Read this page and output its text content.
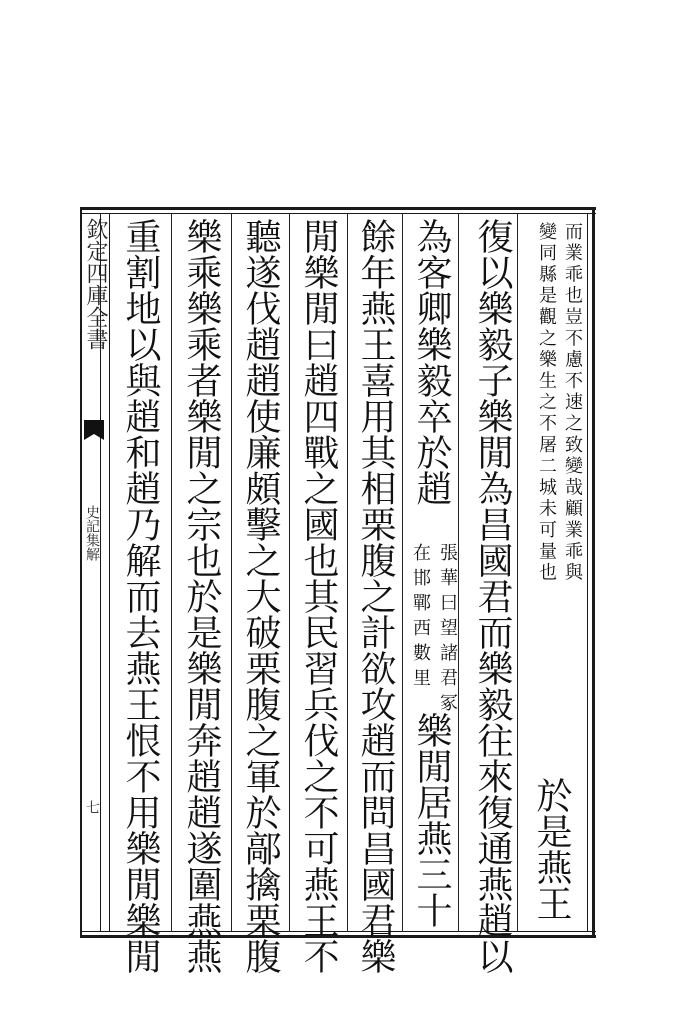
欽定四庫全書
史記集解
七
而業乖也豈不慮不速之致變哉顧業乖與
變同縣是觀之樂生之不屠二城未可量也
於是燕王
復以樂毅子樂閒為昌國君而樂毅往來復通燕趙以
為客卿樂毅卒於趙
張華曰望諸君冢
在邯鄲西數里
樂閒居燕三十
餘年燕王喜用其相栗腹之計欲攻趙而問昌國君樂
閒樂閒曰趙四戰之國也其民習兵伐之不可燕王不
聽遂伐趙趙使廉頗擊之大破栗腹之軍於鄗擒栗腹
樂乘樂乘者樂閒之宗也於是樂閒奔趙趙遂圍燕燕
重割地以與趙和趙乃解而去燕王恨不用樂閒樂閒
